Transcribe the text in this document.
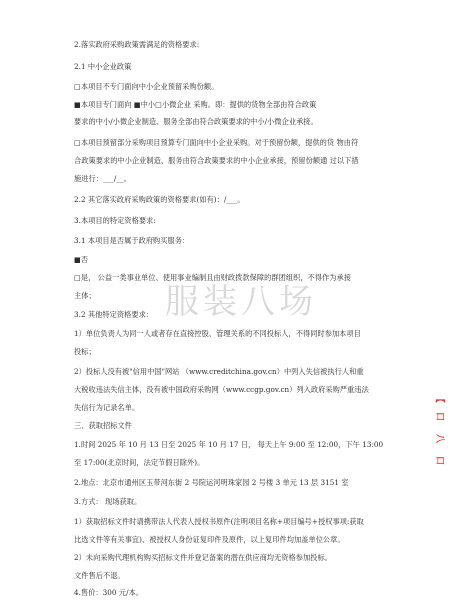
服装八场
2.落实政府采购政策需满足的资格要求:
2.1 中小企业政策
□本项目不专门面向中小企业预留采购份额。
■本项目专门面向 ■中小□小微企业 采购。即：提供的货物全部由符合政策
要求的中小/小微企业制造、服务全部由符合政策要求的中小/小微企业承接。
□本项目预留部分采购项目预算专门面向中小企业采购。对于预留份额，提供的货 物由符
合政策要求的中小企业制造、服务由符合政策要求的中小企业承接，预留份额通 过以下措
施进行：___/__。
2.2 其它落实政府采购政策的资格要求(如有)：/___。
3.本项目的特定资格要求:
3.1 本项目是否属于政府购买服务：
■否
□是， 公益一类事业单位、使用事业编制且由财政拨款保障的群团组织，不得作为承接
主体；
3.2 其他特定资格要求：
1）单位负责人为同一人或者存在直接控股、管理关系的不同投标人，不得同时参加本项目
投标；
2）投标人没有被"信用中国"网站 （www.creditchina.gov.cn）中列入失信被执行人和重
大税收违法失信主体，没有被中国政府采购网（www.ccgp.gov.cn）列入政府采购严重违法
失信行为记录名单。
三、获取招标文件
1.时间 2025 年 10 月 13 日至 2025 年 10 月 17 日， 每天上午 9:00 至 12:00，下午 13:00
至 17:00(北京时间，法定节假日除外)。
2.地点：北京市通州区玉带河东街 2 号院运河明珠家园 2 号楼 3 单元 13 层 3151 室
3.方式： 现场获取。
1）获取招标文件时请携带法人代表人授权书原件(注明项目名称+项目编号+授权事项:获取
比选文件等有关事宜)、被授权人身份证复印件及原件，以上复印件均加盖单位公章。
2）未向采购代理机构购买招标文件并登记备案的潜在供应商均无资格参加投标。
文件售后不退。
4.售价：300 元/本。
【
口
八
口
